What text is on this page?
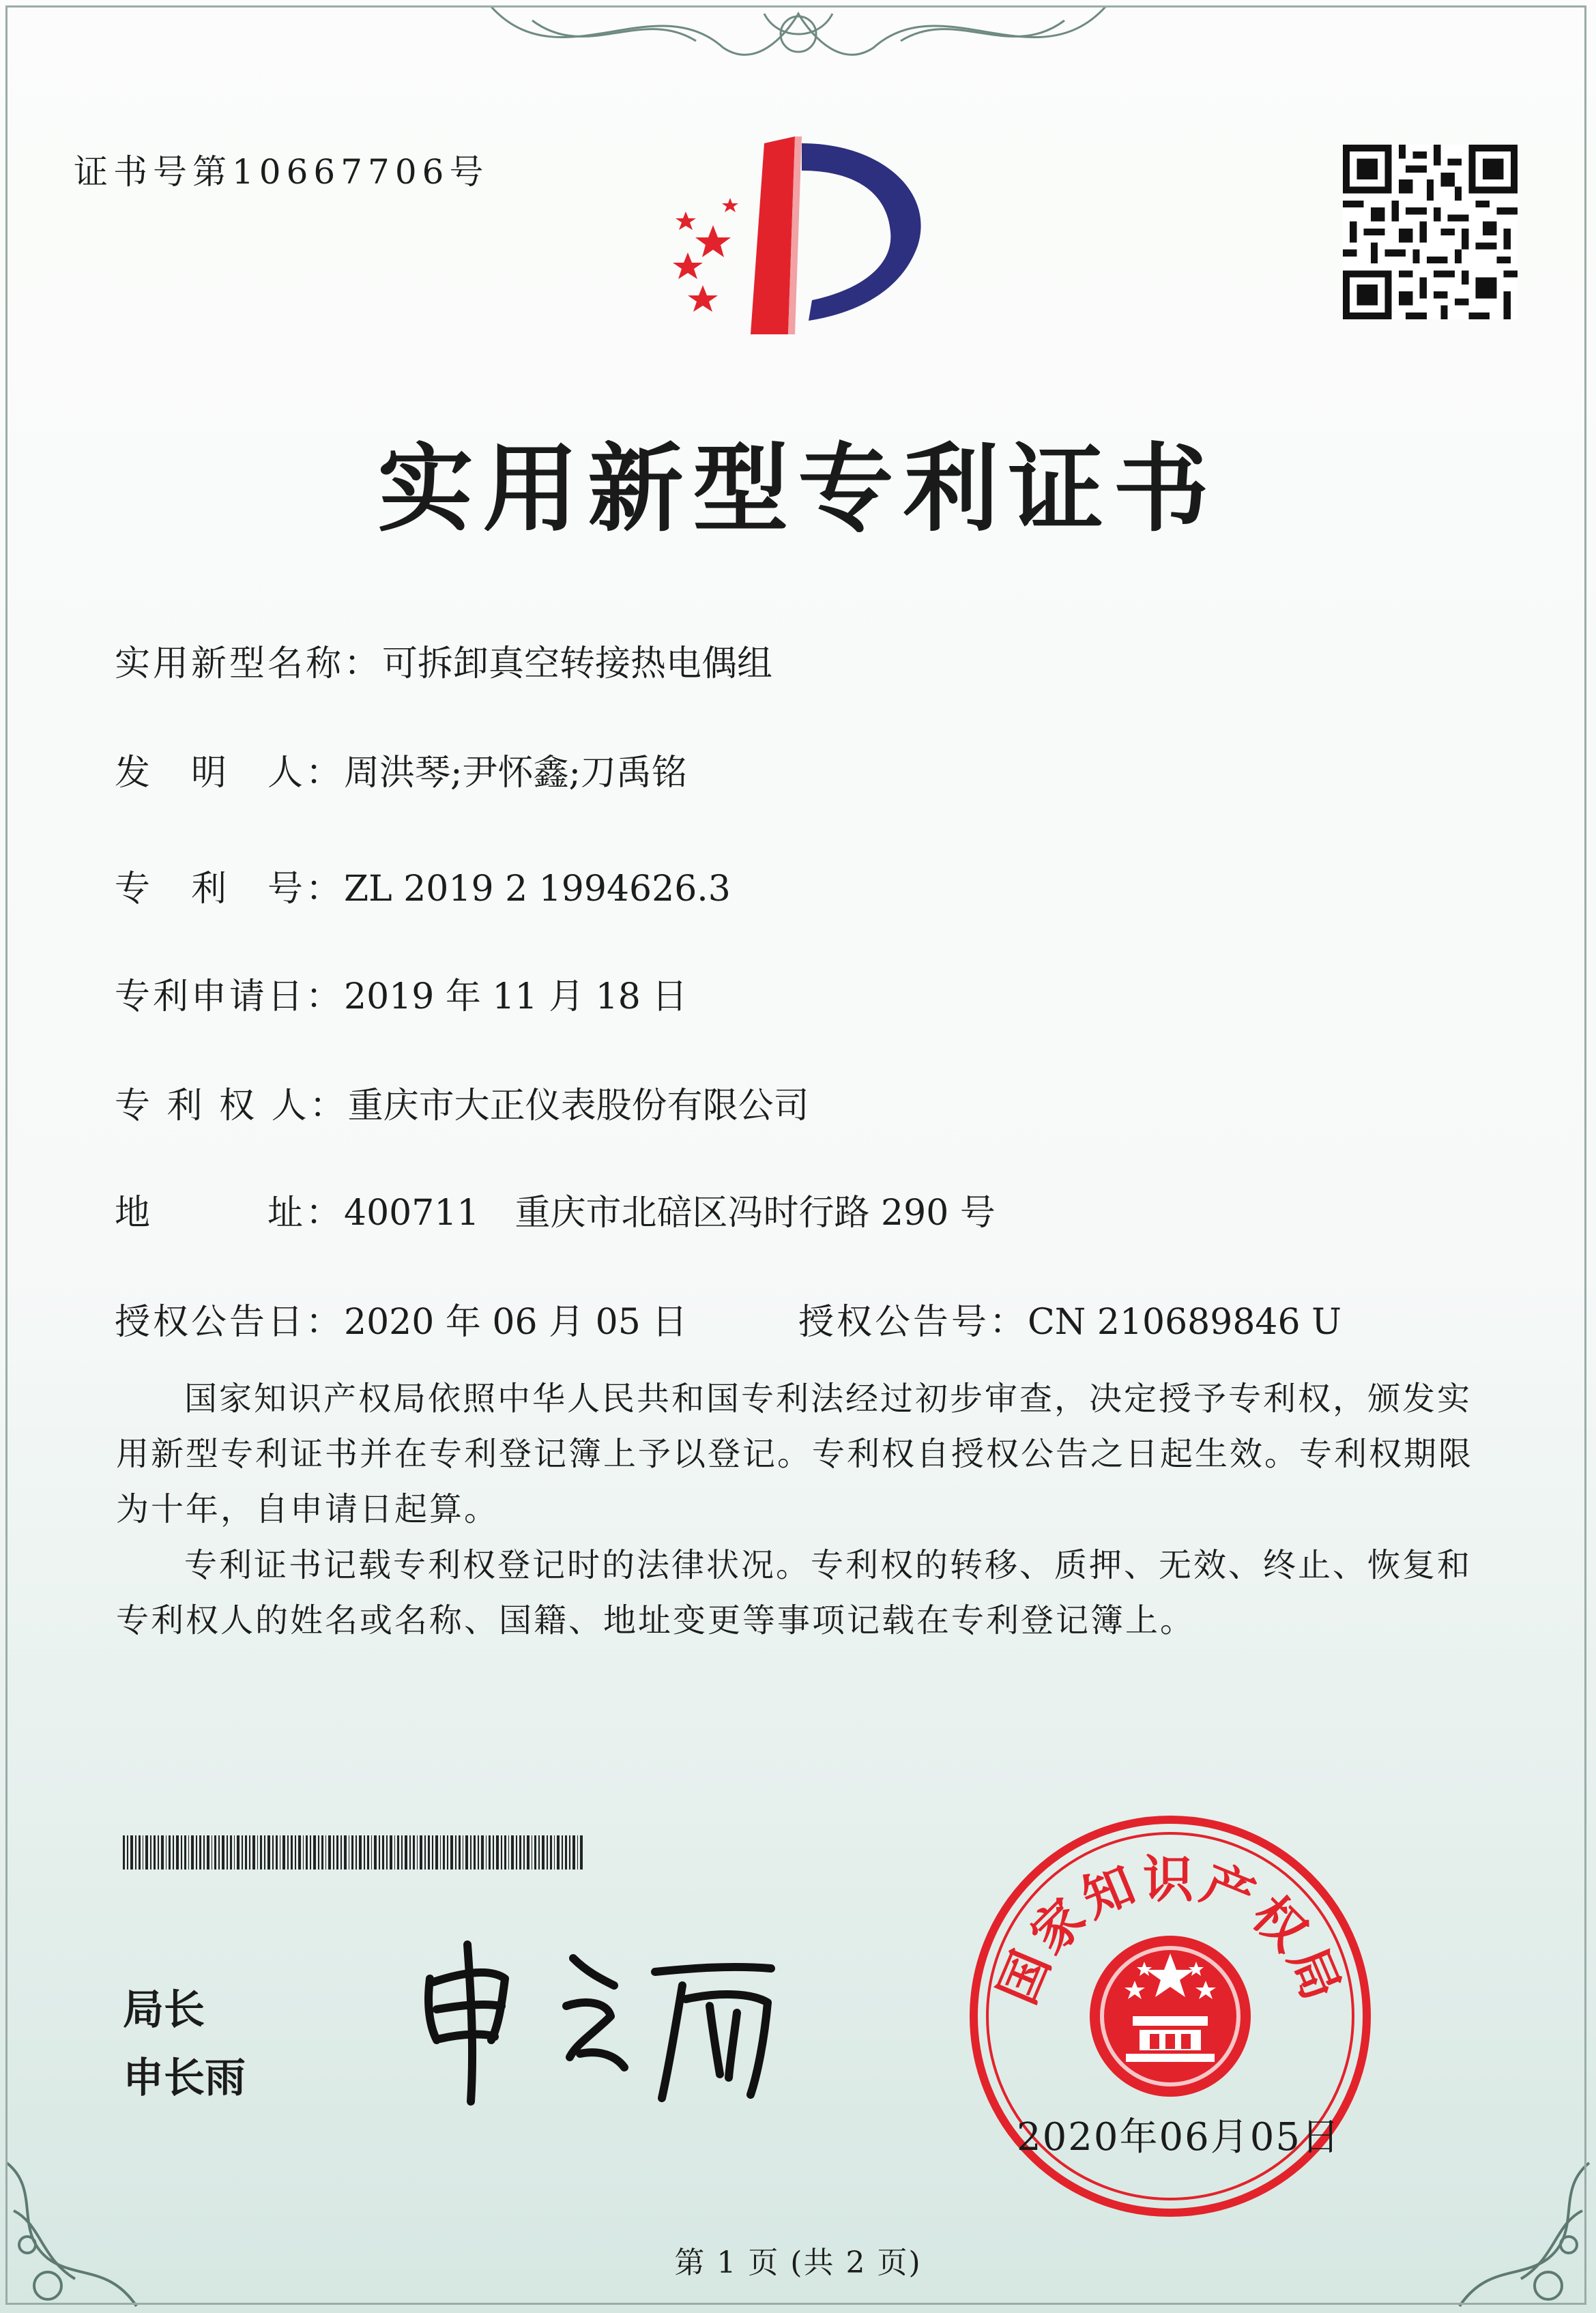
证书号第10667706号
实用新型专利证书
实用新型名称：可拆卸真空转接热电偶组
发　明　人：周洪琴;尹怀鑫;刀禹铭
专　利　号：ZL 2019 2 1994626.3
专利申请日：2019 年 11 月 18 日
专 利 权 人：重庆市大正仪表股份有限公司
地　　　址：400711　重庆市北碚区冯时行路 290 号
授权公告日：2020 年 06 月 05 日	授权公告号：CN 210689846 U
国家知识产权局依照中华人民共和国专利法经过初步审查，决定授予专利权，颁发实用新型专利证书并在专利登记簿上予以登记。专利权自授权公告之日起生效。专利权期限为十年，自申请日起算。
专利证书记载专利权登记时的法律状况。专利权的转移、质押、无效、终止、恢复和专利权人的姓名或名称、国籍、地址变更等事项记载在专利登记簿上。
局长
申长雨
国家知识产权局
2020年06月05日
第 1 页 (共 2 页)
